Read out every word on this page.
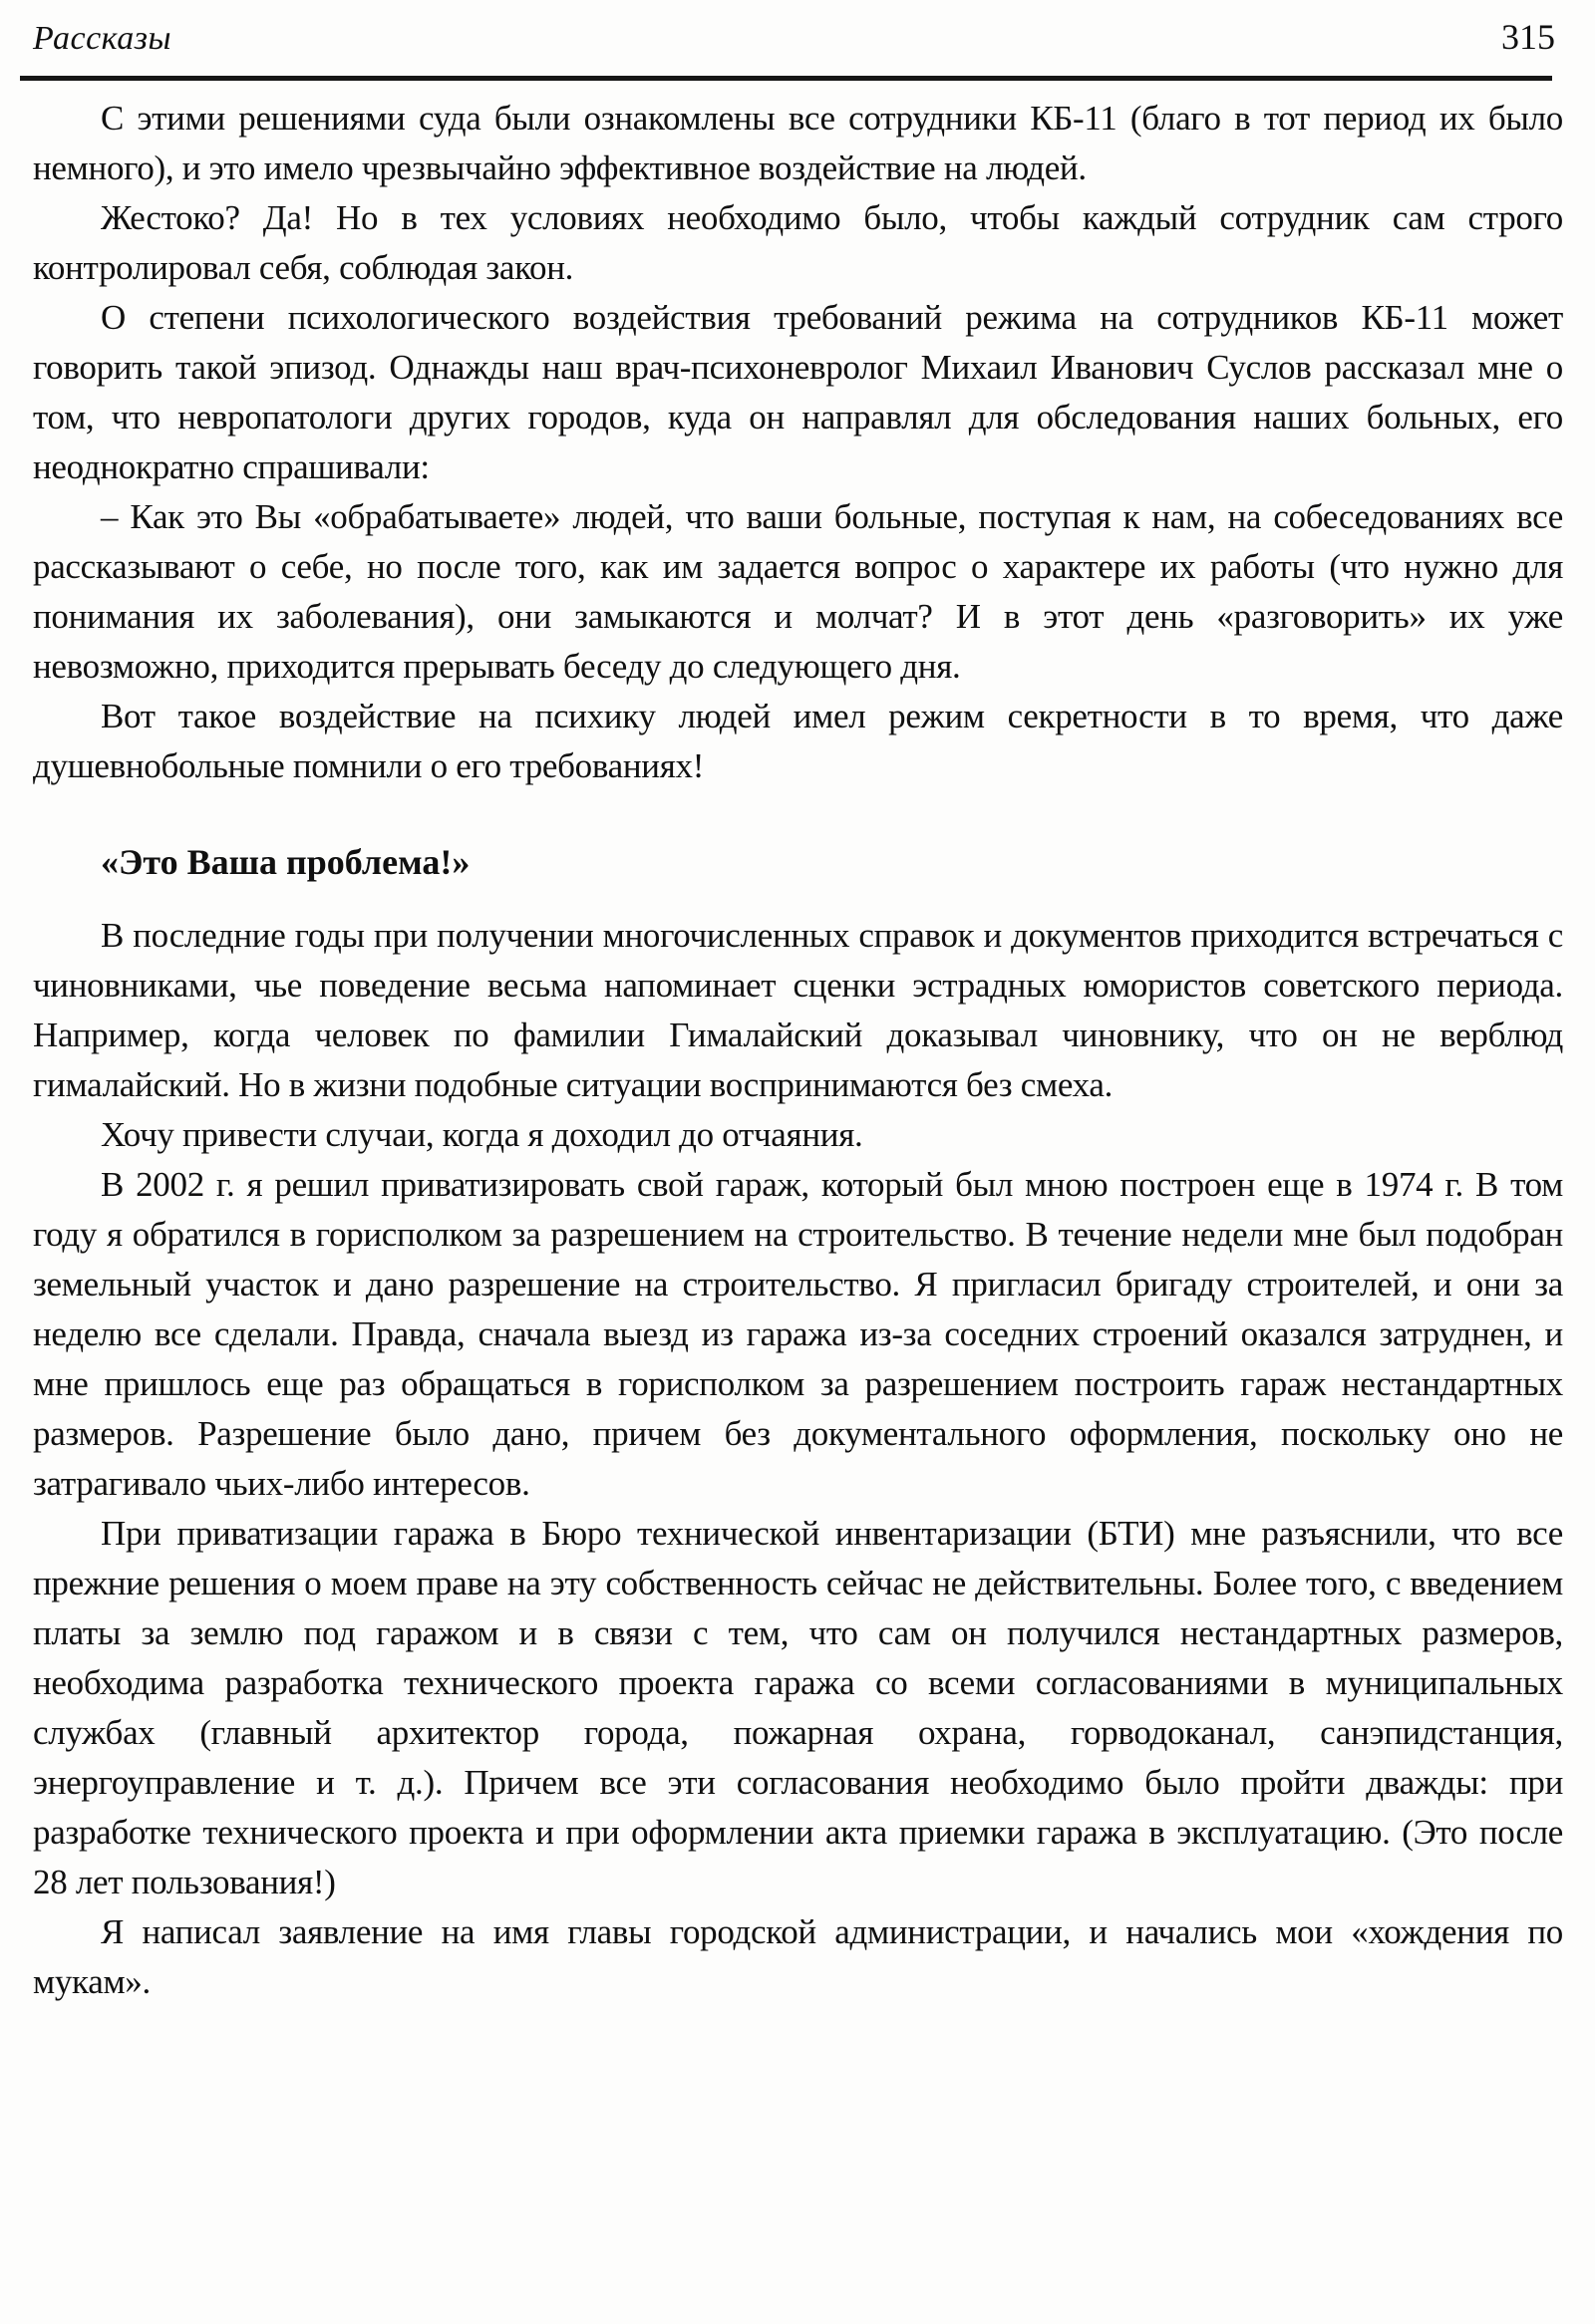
Рассказы	315

С этими решениями суда были ознакомлены все сотрудники КБ-11 (благо в тот период их было немного), и это имело чрезвычайно эффективное воздействие на людей.

Жестоко? Да! Но в тех условиях необходимо было, чтобы каждый сотрудник сам строго контролировал себя, соблюдая закон.

О степени психологического воздействия требований режима на сотрудников КБ-11 может говорить такой эпизод. Однажды наш врач-психоневролог Михаил Иванович Суслов рассказал мне о том, что невропатологи других городов, куда он направлял для обследования наших больных, его неоднократно спрашивали:

– Как это Вы «обрабатываете» людей, что ваши больные, поступая к нам, на собеседованиях все рассказывают о себе, но после того, как им задается вопрос о характере их работы (что нужно для понимания их заболевания), они замыкаются и молчат? И в этот день «разговорить» их уже невозможно, приходится прерывать беседу до следующего дня.

Вот такое воздействие на психику людей имел режим секретности в то время, что даже душевнобольные помнили о его требованиях!

«Это Ваша проблема!»

В последние годы при получении многочисленных справок и документов приходится встречаться с чиновниками, чье поведение весьма напоминает сценки эстрадных юмористов советского периода. Например, когда человек по фамилии Гималайский доказывал чиновнику, что он не верблюд гималайский. Но в жизни подобные ситуации воспринимаются без смеха.

Хочу привести случаи, когда я доходил до отчаяния.

В 2002 г. я решил приватизировать свой гараж, который был мною построен еще в 1974 г. В том году я обратился в горисполком за разрешением на строительство. В течение недели мне был подобран земельный участок и дано разрешение на строительство. Я пригласил бригаду строителей, и они за неделю все сделали. Правда, сначала выезд из гаража из-за соседних строений оказался затруднен, и мне пришлось еще раз обращаться в горисполком за разрешением построить гараж нестандартных размеров. Разрешение было дано, причем без документального оформления, поскольку оно не затрагивало чьих-либо интересов.

При приватизации гаража в Бюро технической инвентаризации (БТИ) мне разъяснили, что все прежние решения о моем праве на эту собственность сейчас не действительны. Более того, с введением платы за землю под гаражом и в связи с тем, что сам он получился нестандартных размеров, необходима разработка технического проекта гаража со всеми согласованиями в муниципальных службах (главный архитектор города, пожарная охрана, горводоканал, санэпидстанция, энергоуправление и т. д.). Причем все эти согласования необходимо было пройти дважды: при разработке технического проекта и при оформлении акта приемки гаража в эксплуатацию. (Это после 28 лет пользования!)

Я написал заявление на имя главы городской администрации, и начались мои «хождения по мукам».
